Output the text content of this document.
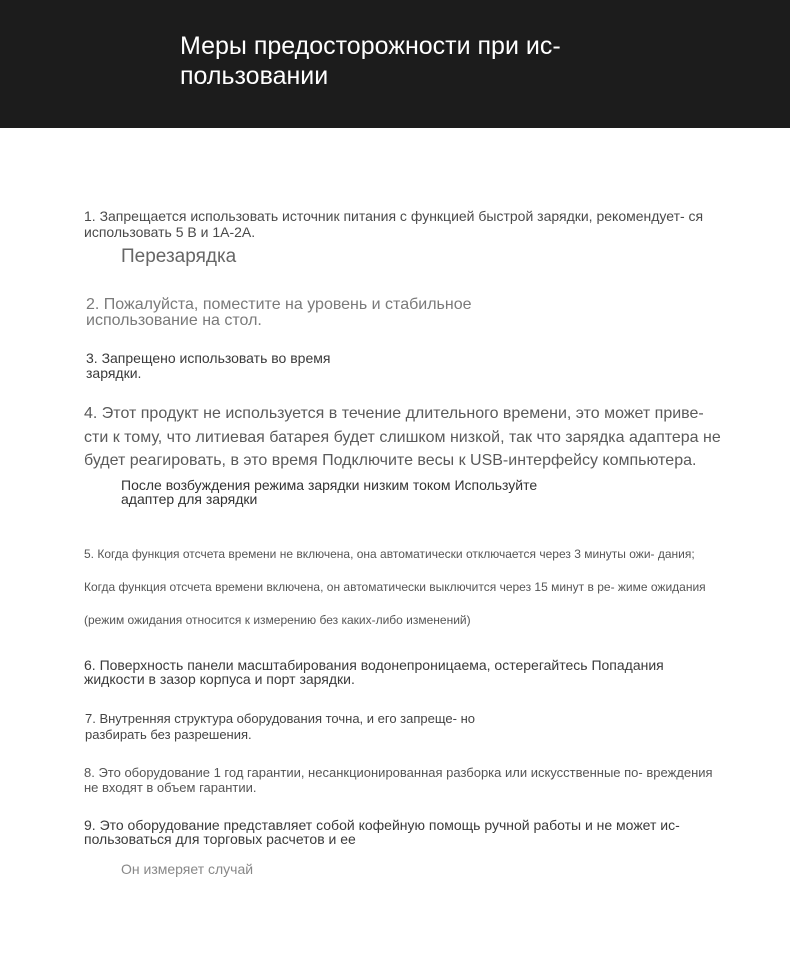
Меры предосторожности при ис-
пользовании
1. Запрещается использовать источник питания с функцией быстрой зарядки, рекомендует- ся использовать 5 В и 1А-2А.
Перезарядка
2. Пожалуйста, поместите на уровень и стабильное использование на стол.
3. Запрещено использовать во время зарядки.
4. Этот продукт не используется в течение длительного времени, это может приве- сти к тому, что литиевая батарея будет слишком низкой, так что зарядка адаптера не будет реагировать, в это время Подключите весы к USB-интерфейсу компьютера.
После возбуждения режима зарядки низким током Используйте адаптер для зарядки
5. Когда функция отсчета времени не включена, она автоматически отключается через 3 минуты ожи- дания; Когда функция отсчета времени включена, он автоматически выключится через 15 минут в ре- жиме ожидания (режим ожидания относится к измерению без каких-либо изменений)
6. Поверхность панели масштабирования водонепроницаема, остерегайтесь Попадания жидкости в зазор корпуса и порт зарядки.
7. Внутренняя структура оборудования точна, и его запреще- но разбирать без разрешения.
8. Это оборудование 1 год гарантии, несанкционированная разборка или искусственные по- вреждения не входят в объем гарантии.
9. Это оборудование представляет собой кофейную помощь ручной работы и не может ис- пользоваться для торговых расчетов и ее
Он измеряет случай
